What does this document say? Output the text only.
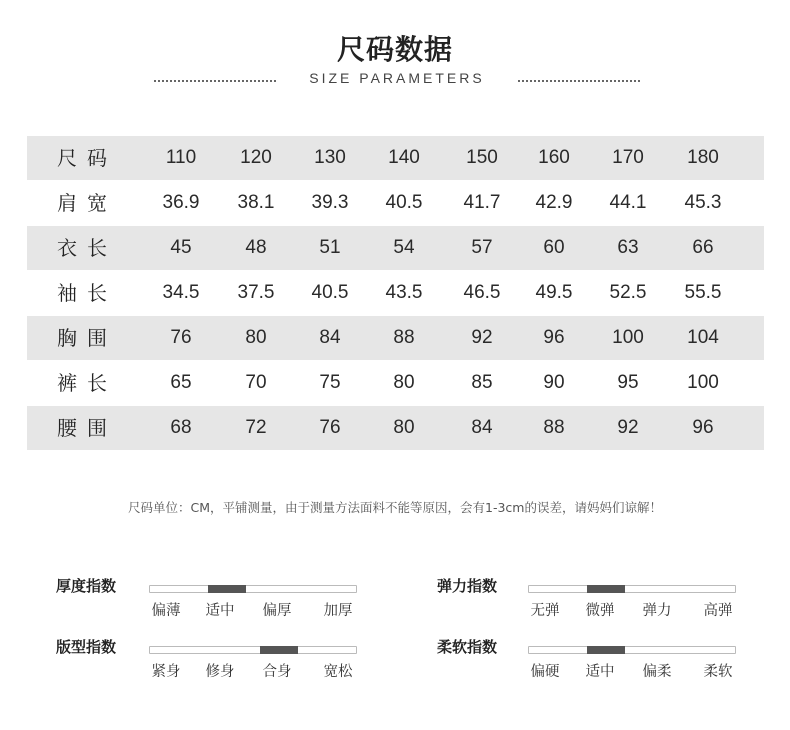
尺码数据
SIZE PARAMETERS
尺码	110	120	130	140	150	160	170	180
肩宽	36.9	38.1	39.3	40.5	41.7	42.9	44.1	45.3
衣长	45	48	51	54	57	60	63	66
袖长	34.5	37.5	40.5	43.5	46.5	49.5	52.5	55.5
胸围	76	80	84	88	92	96	100	104
裤长	65	70	75	80	85	90	95	100
腰围	68	72	76	80	84	88	92	96
尺码单位：CM，平铺测量，由于测量方法面料不能等原因，会有1-3cm的误差，请妈妈们谅解！
厚度指数
偏薄	适中	偏厚	加厚
弹力指数
无弹	微弹	弹力	高弹
版型指数
紧身	修身	合身	宽松
柔软指数
偏硬	适中	偏柔	柔软
